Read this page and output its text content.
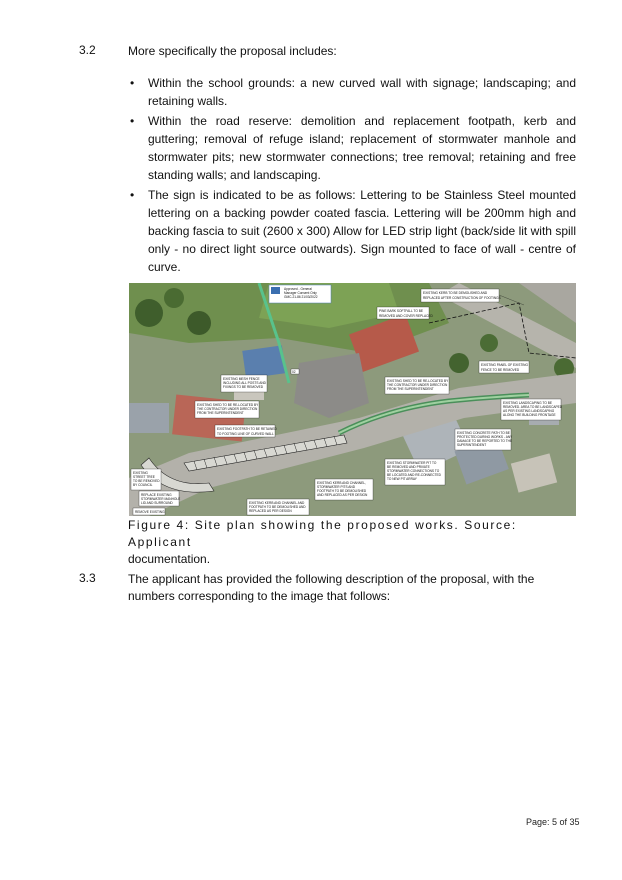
3.2	More specifically the proposal includes:
• Within the school grounds: a new curved wall with signage; landscaping; and retaining walls.
• Within the road reserve: demolition and replacement footpath, kerb and guttering; removal of refuge island; replacement of stormwater manhole and stormwater pits; new stormwater connections; tree removal; retaining and free standing walls; and landscaping.
• The sign is indicated to be as follows: Lettering to be Stainless Steel mounted lettering on a backing powder coated fascia. Lettering will be 200mm high and backing fascia to suit (2600 x 300) Allow for LED strip light (back/side lit with spill only - no direct light source outwards). Sign mounted to face of wall - centre of curve.
Approved - General
Manager Consent Only
GMC-21-86 21/03/2022
02
EXISTING KERB TO BE DEMOLISHED AND
REPLACED AFTER CONSTRUCTION OF FOOTINGS
PINE BARK SOFTFALL TO BE
REMOVED AND COVER REPLACED
EXISTING MESH FENCE
INCLUDING ALL POSTS AND
FIXINGS TO BE REMOVED
EXISTING SHED TO BE RE-LOCATED BY
THE CONTRACTOR UNDER DIRECTION
FROM THE SUPERINTENDENT
EXISTING SHED TO BE RE-LOCATED BY
THE CONTRACTOR UNDER DIRECTION
FROM THE SUPERINTENDENT
EXISTING PANEL OF EXISTING
FENCE TO BE REMOVED
EXISTING LANDSCAPING TO BE
REMOVED. AREA TO BE LANDSCAPED
AS PER EXISTING LANDSCAPING
ALONG THE BUILDING FRONTAGE
EXISTING FOOTPATH TO BE RETAINED
TO FOOTING LINE OF CURVED WALL	EXISTING CONCRETE PATH TO BE
PROTECTED DURING WORKS - ANY
DAMAGE TO BE REPORTED TO THE
SUPERINTENDENT
EXISTING
STREET TREE
TO BE REMOVED
BY COUNCIL
EXISTING STORMWATER PIT TO
BE REMOVED AND PRIVATE
STORMWATER CONNECTIONS TO
BE LOCATED AND RE-CONNECTED
TO NEW PIT ARRAY
EXISTING KERB AND CHANNEL,
STORMWATER PITS AND
FOOTPATH TO BE DEMOLISHED
AND REPLACED AS PER DESIGN
REPLACE EXISTING
STORMWATER MANHOLE
LID AND SURROUND	EXISTING KERB AND CHANNEL AND
FOOTPATH TO BE DEMOLISHED AND
REPLACED AS PER DESIGN
REMOVE EXISTING
Figure 4: Site plan showing the proposed works. Source: Applicant
documentation.
3.3	The applicant has provided the following description of the proposal, with the
numbers corresponding to the image that follows:
Page: 5 of 35
